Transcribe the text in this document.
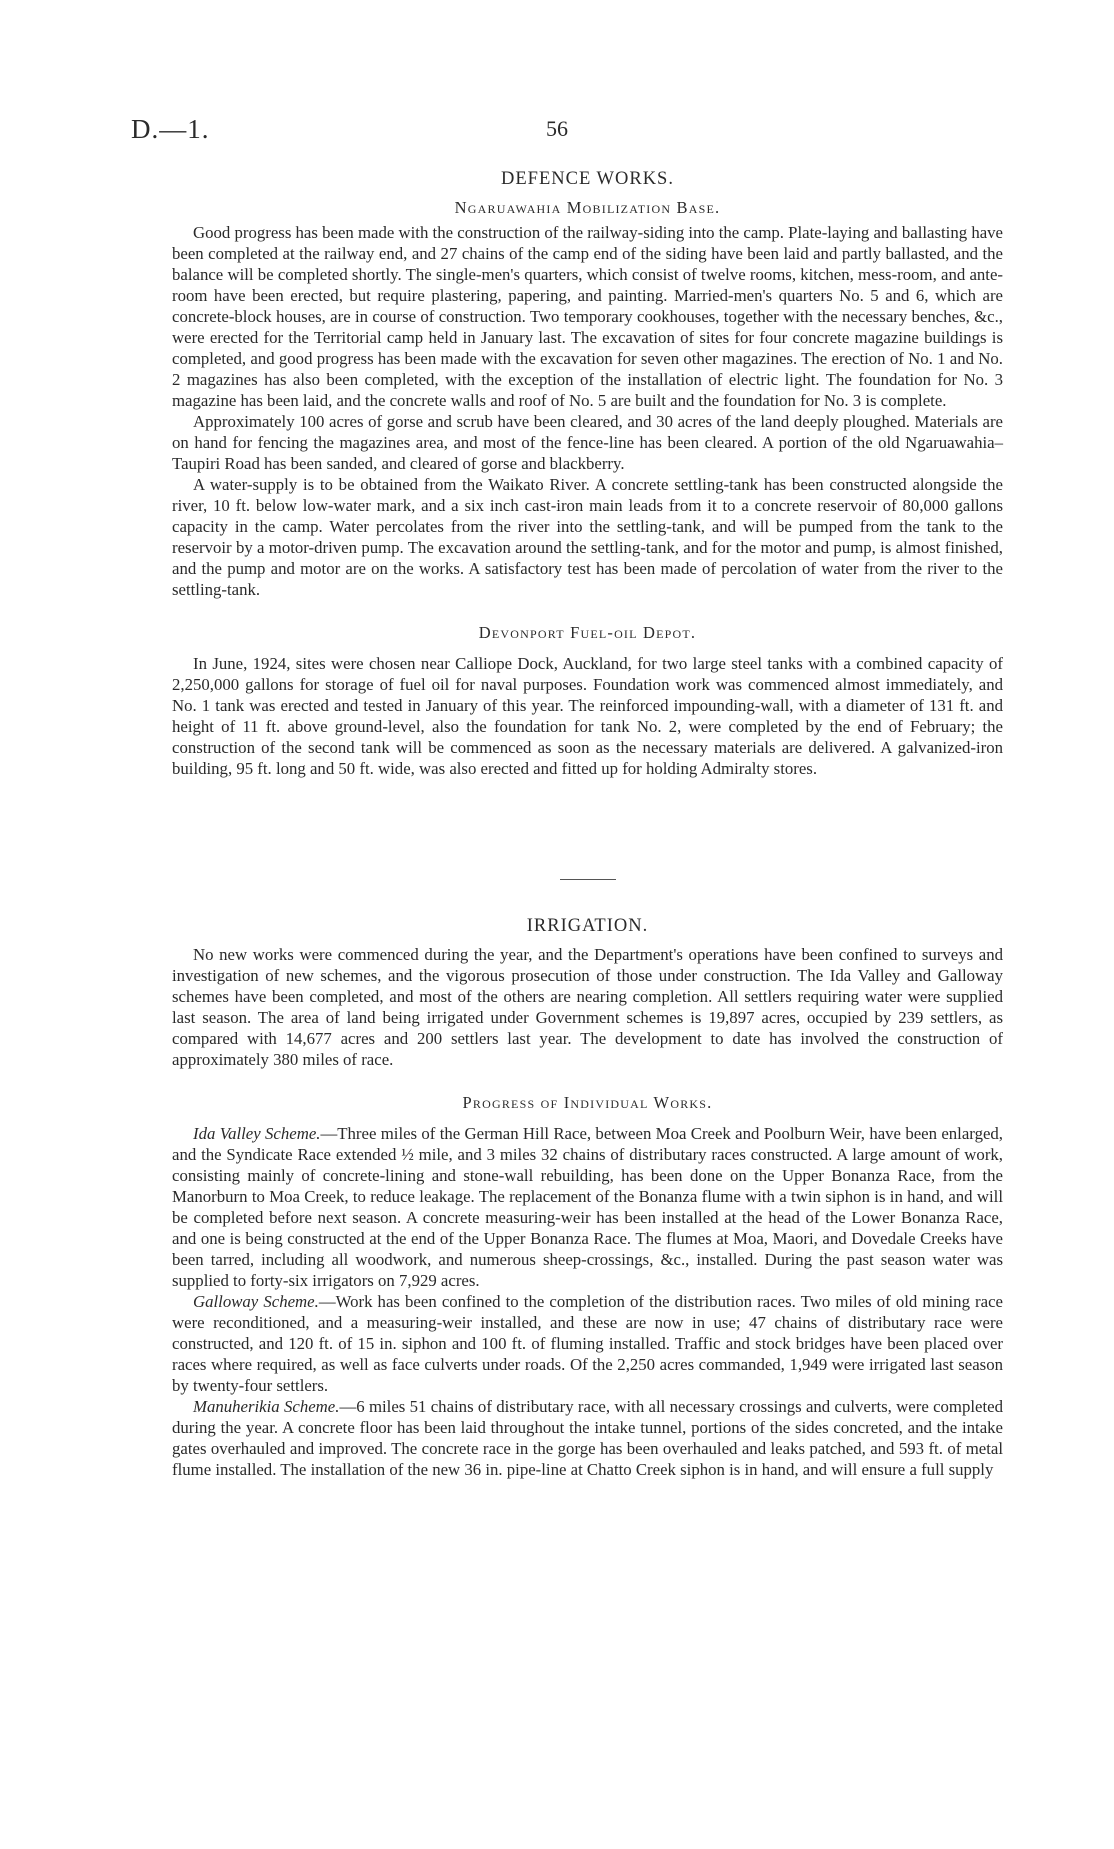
D.—1.	56
DEFENCE WORKS.
Ngaruawahia Mobilization Base.

Good progress has been made with the construction of the railway-siding into the camp. Plate-laying and ballasting have been completed at the railway end, and 27 chains of the camp end of the siding have been laid and partly ballasted, and the balance will be completed shortly. The single-men's quarters, which consist of twelve rooms, kitchen, mess-room, and ante-room have been erected, but require plastering, papering, and painting. Married-men's quarters No. 5 and 6, which are concrete-block houses, are in course of construction. Two temporary cookhouses, together with the necessary benches, &c., were erected for the Territorial camp held in January last. The excavation of sites for four concrete magazine buildings is completed, and good progress has been made with the excavation for seven other magazines. The erection of No. 1 and No. 2 magazines has also been completed, with the exception of the installation of electric light. The foundation for No. 3 magazine has been laid, and the concrete walls and roof of No. 5 are built and the foundation for No. 3 is complete.

Approximately 100 acres of gorse and scrub have been cleared, and 30 acres of the land deeply ploughed. Materials are on hand for fencing the magazines area, and most of the fence-line has been cleared. A portion of the old Ngaruawahia–Taupiri Road has been sanded, and cleared of gorse and blackberry.

A water-supply is to be obtained from the Waikato River. A concrete settling-tank has been constructed alongside the river, 10 ft. below low-water mark, and a six inch cast-iron main leads from it to a concrete reservoir of 80,000 gallons capacity in the camp. Water percolates from the river into the settling-tank, and will be pumped from the tank to the reservoir by a motor-driven pump. The excavation around the settling-tank, and for the motor and pump, is almost finished, and the pump and motor are on the works. A satisfactory test has been made of percolation of water from the river to the settling-tank.

Devonport Fuel-oil Depot.

In June, 1924, sites were chosen near Calliope Dock, Auckland, for two large steel tanks with a combined capacity of 2,250,000 gallons for storage of fuel oil for naval purposes. Foundation work was commenced almost immediately, and No. 1 tank was erected and tested in January of this year. The reinforced impounding-wall, with a diameter of 131 ft. and height of 11 ft. above ground-level, also the foundation for tank No. 2, were completed by the end of February; the construction of the second tank will be commenced as soon as the necessary materials are delivered. A galvanized-iron building, 95 ft. long and 50 ft. wide, was also erected and fitted up for holding Admiralty stores.

IRRIGATION.

No new works were commenced during the year, and the Department's operations have been confined to surveys and investigation of new schemes, and the vigorous prosecution of those under construction. The Ida Valley and Galloway schemes have been completed, and most of the others are nearing completion. All settlers requiring water were supplied last season. The area of land being irrigated under Government schemes is 19,897 acres, occupied by 239 settlers, as compared with 14,677 acres and 200 settlers last year. The development to date has involved the construction of approximately 380 miles of race.

Progress of Individual Works.

Ida Valley Scheme.—Three miles of the German Hill Race, between Moa Creek and Poolburn Weir, have been enlarged, and the Syndicate Race extended ½ mile, and 3 miles 32 chains of distributary races constructed. A large amount of work, consisting mainly of concrete-lining and stone-wall rebuilding, has been done on the Upper Bonanza Race, from the Manorburn to Moa Creek, to reduce leakage. The replacement of the Bonanza flume with a twin siphon is in hand, and will be completed before next season. A concrete measuring-weir has been installed at the head of the Lower Bonanza Race, and one is being constructed at the end of the Upper Bonanza Race. The flumes at Moa, Maori, and Dovedale Creeks have been tarred, including all woodwork, and numerous sheep-crossings, &c., installed. During the past season water was supplied to forty-six irrigators on 7,929 acres.

Galloway Scheme.—Work has been confined to the completion of the distribution races. Two miles of old mining race were reconditioned, and a measuring-weir installed, and these are now in use; 47 chains of distributary race were constructed, and 120 ft. of 15 in. siphon and 100 ft. of fluming installed. Traffic and stock bridges have been placed over races where required, as well as face culverts under roads. Of the 2,250 acres commanded, 1,949 were irrigated last season by twenty-four settlers.

Manuherikia Scheme.—6 miles 51 chains of distributary race, with all necessary crossings and culverts, were completed during the year. A concrete floor has been laid throughout the intake tunnel, portions of the sides concreted, and the intake gates overhauled and improved. The concrete race in the gorge has been overhauled and leaks patched, and 593 ft. of metal flume installed. The installation of the new 36 in. pipe-line at Chatto Creek siphon is in hand, and will ensure a full supply
